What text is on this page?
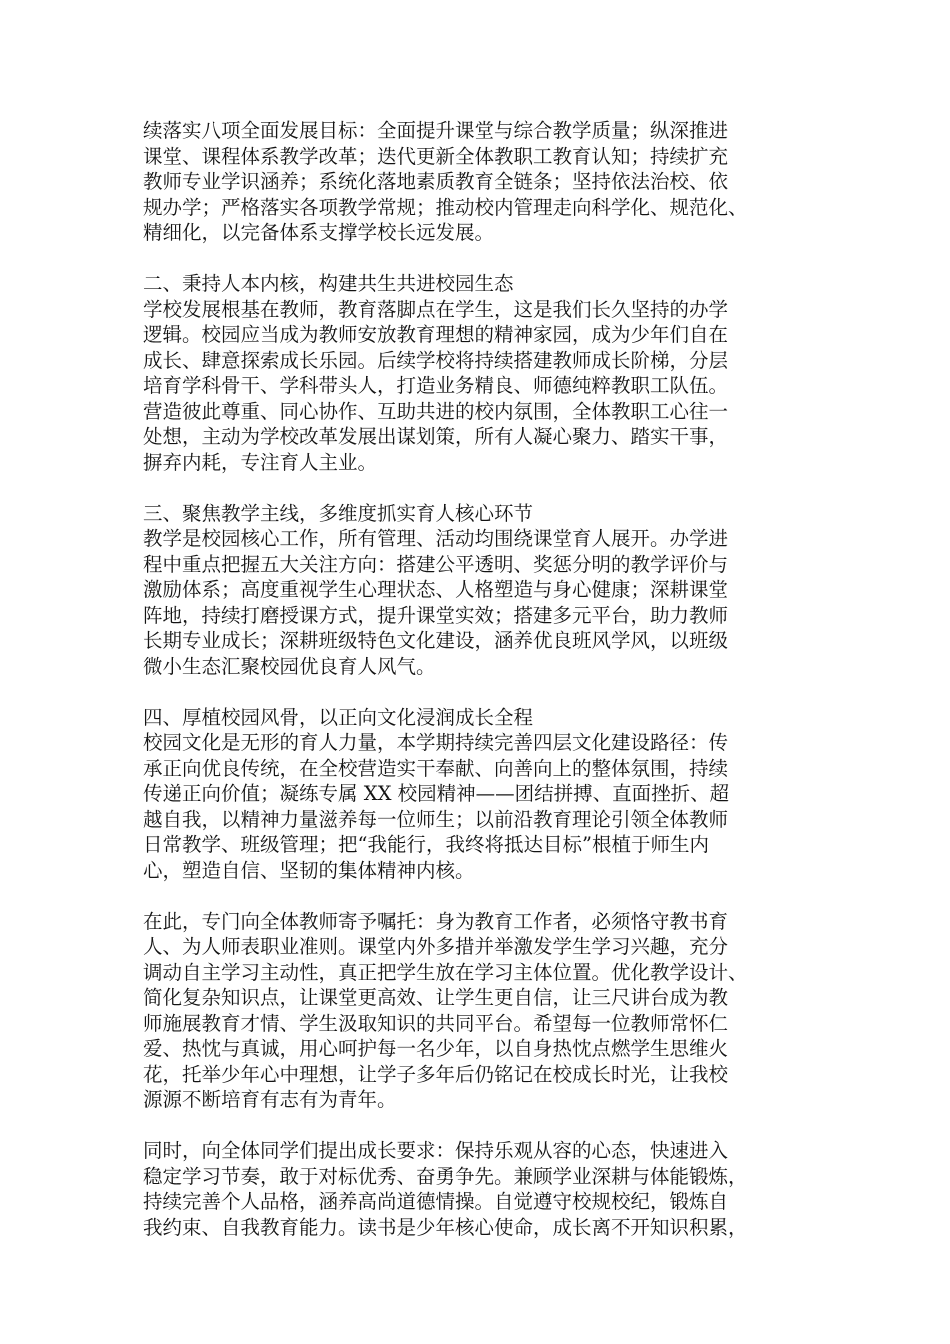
续落实八项全面发展目标：全面提升课堂与综合教学质量；纵深推进
课堂、课程体系教学改革；迭代更新全体教职工教育认知；持续扩充
教师专业学识涵养；系统化落地素质教育全链条；坚持依法治校、依
规办学；严格落实各项教学常规；推动校内管理走向科学化、规范化、
精细化，以完备体系支撑学校长远发展。
二、秉持人本内核，构建共生共进校园生态
学校发展根基在教师，教育落脚点在学生，这是我们长久坚持的办学
逻辑。校园应当成为教师安放教育理想的精神家园，成为少年们自在
成长、肆意探索成长乐园。后续学校将持续搭建教师成长阶梯，分层
培育学科骨干、学科带头人，打造业务精良、师德纯粹教职工队伍。
营造彼此尊重、同心协作、互助共进的校内氛围，全体教职工心往一
处想，主动为学校改革发展出谋划策，所有人凝心聚力、踏实干事，
摒弃内耗，专注育人主业。
三、聚焦教学主线，多维度抓实育人核心环节
教学是校园核心工作，所有管理、活动均围绕课堂育人展开。办学进
程中重点把握五大关注方向：搭建公平透明、奖惩分明的教学评价与
激励体系；高度重视学生心理状态、人格塑造与身心健康；深耕课堂
阵地，持续打磨授课方式，提升课堂实效；搭建多元平台，助力教师
长期专业成长；深耕班级特色文化建设，涵养优良班风学风，以班级
微小生态汇聚校园优良育人风气。
四、厚植校园风骨，以正向文化浸润成长全程
校园文化是无形的育人力量，本学期持续完善四层文化建设路径：传
承正向优良传统，在全校营造实干奉献、向善向上的整体氛围，持续
传递正向价值；凝练专属 XX 校园精神——团结拼搏、直面挫折、超
越自我，以精神力量滋养每一位师生；以前沿教育理论引领全体教师
日常教学、班级管理；把“我能行，我终将抵达目标”根植于师生内
心，塑造自信、坚韧的集体精神内核。
在此，专门向全体教师寄予嘱托：身为教育工作者，必须恪守教书育
人、为人师表职业准则。课堂内外多措并举激发学生学习兴趣，充分
调动自主学习主动性，真正把学生放在学习主体位置。优化教学设计、
简化复杂知识点，让课堂更高效、让学生更自信，让三尺讲台成为教
师施展教育才情、学生汲取知识的共同平台。希望每一位教师常怀仁
爱、热忱与真诚，用心呵护每一名少年，以自身热忱点燃学生思维火
花，托举少年心中理想，让学子多年后仍铭记在校成长时光，让我校
源源不断培育有志有为青年。
同时，向全体同学们提出成长要求：保持乐观从容的心态，快速进入
稳定学习节奏，敢于对标优秀、奋勇争先。兼顾学业深耕与体能锻炼，
持续完善个人品格，涵养高尚道德情操。自觉遵守校规校纪，锻炼自
我约束、自我教育能力。读书是少年核心使命，成长离不开知识积累，
